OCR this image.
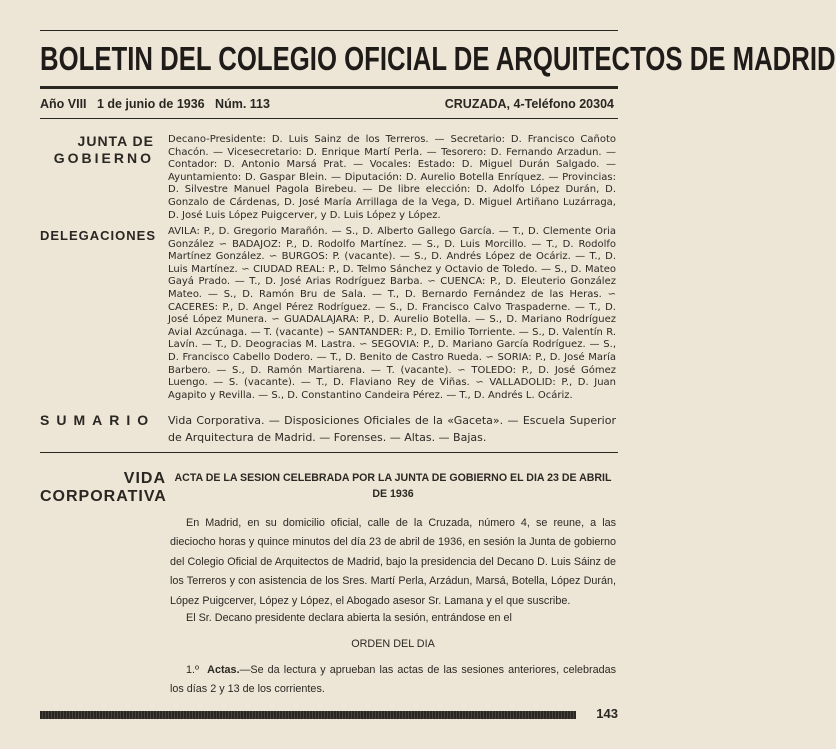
BOLETIN DEL COLEGIO OFICIAL DE ARQUITECTOS DE MADRID
Año VIII   1 de junio de 1936   Núm. 113	CRUZADA, 4-Teléfono 20304
JUNTA DE
GOBIERNO
Decano-Presidente: D. Luis Sainz de los Terreros. — Secretario: D. Francisco Cañoto Chacón. — Vicesecretario: D. Enrique Martí Perla. — Tesorero: D. Fernando Arzadun. — Contador: D. Antonio Marsá Prat. — Vocales: Estado: D. Miguel Durán Salgado. — Ayuntamiento: D. Gaspar Blein. — Diputación: D. Aurelio Botella Enríquez. — Provincias: D. Silvestre Manuel Pagola Birebeu. — De libre elección: D. Adolfo López Durán, D. Gonzalo de Cárdenas, D. José María Arrillaga de la Vega, D. Miguel Artiñano Luzárraga, D. José Luis López Puigcerver, y D. Luis López y López.
DELEGACIONES AVILA: P., D. Gregorio Marañón. — S., D. Alberto Gallego García. — T., D. Clemente Oria González ∽ BADAJOZ: P., D. Rodolfo Martínez. — S., D. Luis Morcillo. — T., D. Rodolfo Martínez González. ∽ BURGOS: P. (vacante). — S., D. Andrés López de Ocáriz. — T., D. Luis Martínez. ∽ CIUDAD REAL: P., D. Telmo Sánchez y Octavio de Toledo. — S., D. Mateo Gayá Prado. — T., D. José Arias Rodríguez Barba. ∽ CUENCA: P., D. Eleuterio González Mateo. — S., D. Ramón Bru de Sala. — T., D. Bernardo Fernández de las Heras. ∽ CACERES: P., D. Angel Pérez Rodríguez. — S., D. Francisco Calvo Traspaderne. — T., D. José López Munera. ∽ GUADALAJARA: P., D. Aurelio Botella. — S., D. Mariano Rodríguez Avial Azcúnaga. — T. (vacante) ∽ SANTANDER: P., D. Emilio Torriente. — S., D. Valentín R. Lavín. — T., D. Deogracias M. Lastra. ∽ SEGOVIA: P., D. Mariano García Rodríguez. — S., D. Francisco Cabello Dodero. — T., D. Benito de Castro Rueda. ∽ SORIA: P., D. José María Barbero. — S., D. Ramón Martiarena. — T. (vacante). ∽ TOLEDO: P., D. José Gómez Luengo. — S. (vacante). — T., D. Flaviano Rey de Viñas. ∽ VALLADOLID: P., D. Juan Agapito y Revilla. — S., D. Constantino Candeira Pérez. — T., D. Andrés L. Ocáriz.
SUMARIO Vida Corporativa. — Disposiciones Oficiales de la «Gaceta». — Escuela Superior de Arquitectura de Madrid. — Forenses. — Altas. — Bajas.
VIDA
CORPORATIVA
ACTA DE LA SESION CELEBRADA POR LA JUNTA DE GOBIERNO EL DIA 23 DE ABRIL DE 1936
En Madrid, en su domicilio oficial, calle de la Cruzada, número 4, se reune, a las dieciocho horas y quince minutos del día 23 de abril de 1936, en sesión la Junta de gobierno del Colegio Oficial de Arquitectos de Madrid, bajo la presidencia del Decano D. Luis Sáinz de los Terreros y con asistencia de los Sres. Martí Perla, Arzádun, Marsá, Botella, López Durán, López Puigcerver, López y López, el Abogado asesor Sr. Lamana y el que suscribe.
El Sr. Decano presidente declara abierta la sesión, entrándose en el
ORDEN DEL DIA
1.º Actas.—Se da lectura y aprueban las actas de las sesiones anteriores, celebradas los días 2 y 13 de los corrientes.
143
